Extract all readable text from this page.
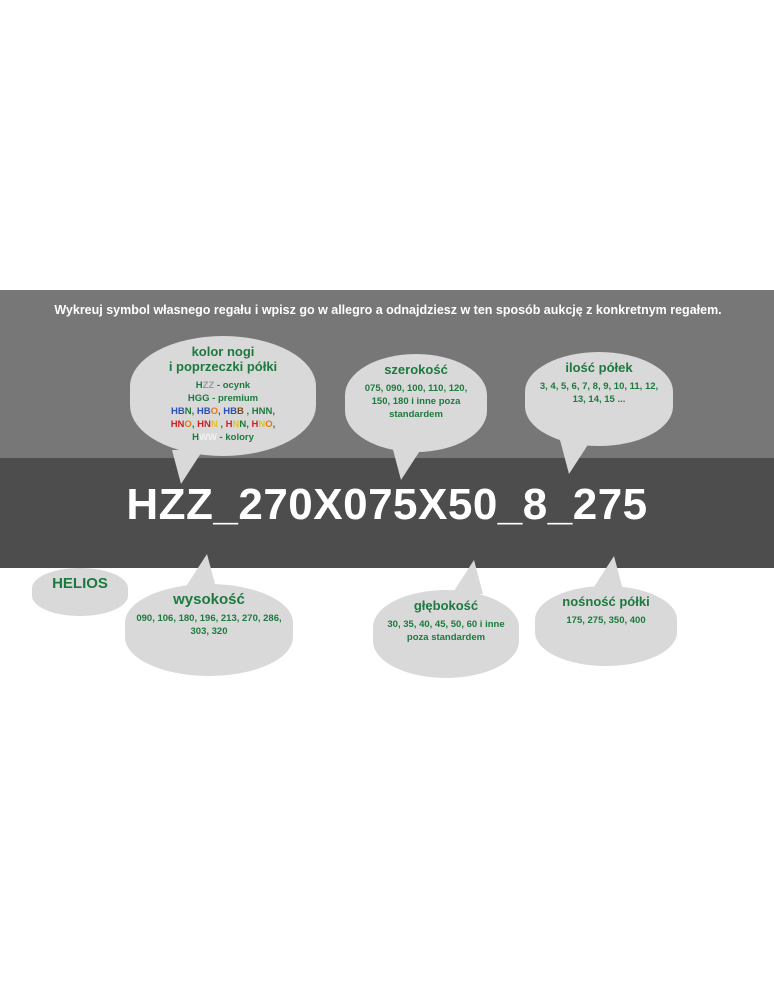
Wykreuj symbol własnego regału i wpisz go w allegro a odnajdziesz w ten sposób aukcję z konkretnym regałem.
HZZ_270X075X50_8_275
kolor nogi
i poprzeczki półki
HZZ - ocynk
HGG - premium
HBN, HBO, HBB , HNN,
HNO, HNN , HNN, HNO,
HWW - kolory
szerokość
075, 090, 100, 110, 120, 150, 180 i inne poza standardem
ilość półek
3, 4, 5, 6, 7, 8, 9, 10, 11, 12, 13, 14, 15 ...
HELIOS
wysokość
090, 106, 180, 196, 213, 270, 286, 303, 320
głębokość
30, 35, 40, 45, 50, 60 i inne poza standardem
nośność półki
175, 275, 350, 400
